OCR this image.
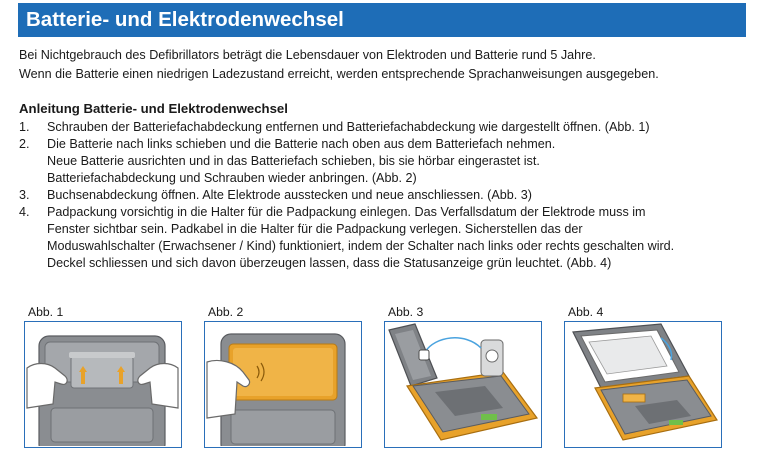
Batterie- und Elektrodenwechsel

Bei Nichtgebrauch des Defibrillators beträgt die Lebensdauer von Elektroden und Batterie rund 5 Jahre.

Wenn die Batterie einen niedrigen Ladezustand erreicht, werden entsprechende Sprachanweisungen ausgegeben.

Anleitung Batterie- und Elektrodenwechsel
1. Schrauben der Batteriefachabdeckung entfernen und Batteriefachabdeckung wie dargestellt öffnen. (Abb. 1)
2. Die Batterie nach links schieben und die Batterie nach oben aus dem Batteriefach nehmen.
Neue Batterie ausrichten und in das Batteriefach schieben, bis sie hörbar eingerastet ist.
Batteriefachabdeckung und Schrauben wieder anbringen. (Abb. 2)
3. Buchsenabdeckung öffnen. Alte Elektrode ausstecken und neue anschliessen. (Abb. 3)
4. Padpackung vorsichtig in die Halter für die Padpackung einlegen. Das Verfallsdatum der Elektrode muss im
Fenster sichtbar sein. Padkabel in die Halter für die Padpackung verlegen. Sicherstellen das der
Moduswahlschalter (Erwachsener / Kind) funktioniert, indem der Schalter nach links oder rechts geschalten wird.
Deckel schliessen und sich davon überzeugen lassen, dass die Statusanzeige grün leuchtet. (Abb. 4)
Abb. 1	Abb. 2	Abb. 3	Abb. 4
